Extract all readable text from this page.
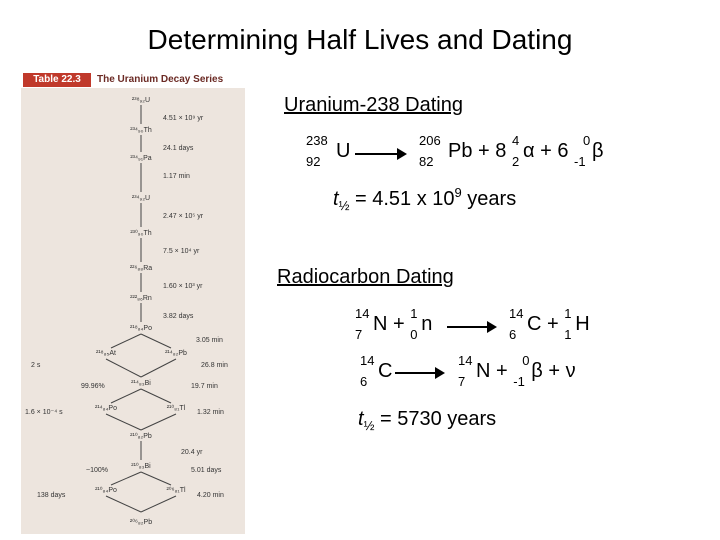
Determining Half Lives and Dating
Table 22.3	The Uranium Decay Series
²³⁸₉₂U
4.51 × 10⁹ yr
²³⁴₉₀Th
24.1 days
²³⁴₉₁Pa
1.17 min
²³⁴₉₂U
2.47 × 10⁵ yr
²³⁰₉₀Th
7.5 × 10⁴ yr
²²⁶₈₈Ra
1.60 × 10³ yr
²²²₈₆Rn
3.82 days
²¹⁸₈₄Po
3.05 min
²¹⁸₈₅At	²¹⁴₈₂Pb
26.8 min
2 s
²¹⁴₈₃Bi
99.96%	19.7 min
²¹⁴₈₄Po	²¹⁰₈₁Tl
1.6 × 10⁻⁴ s	1.32 min
²¹⁰₈₂Pb
20.4 yr
²¹⁰₈₃Bi
~100%	5.01 days
²¹⁰₈₄Po	²⁰⁶₈₁Tl
138 days	4.20 min
²⁰⁶₈₂Pb
Uranium-238 Dating
238
92 U	206
82 Pb + 8 4
2 α + 6 0
-1 β
$t_{\frac{1}{2}} = 4.51$ x $10^9$ years
Radiocarbon Dating
14
7 N + 1
0 n	14
6 C + 1
1 H
14
6 C	14
7 N + 0
-1 β + ν
$t_{\frac{1}{2}} = 5730$ years
